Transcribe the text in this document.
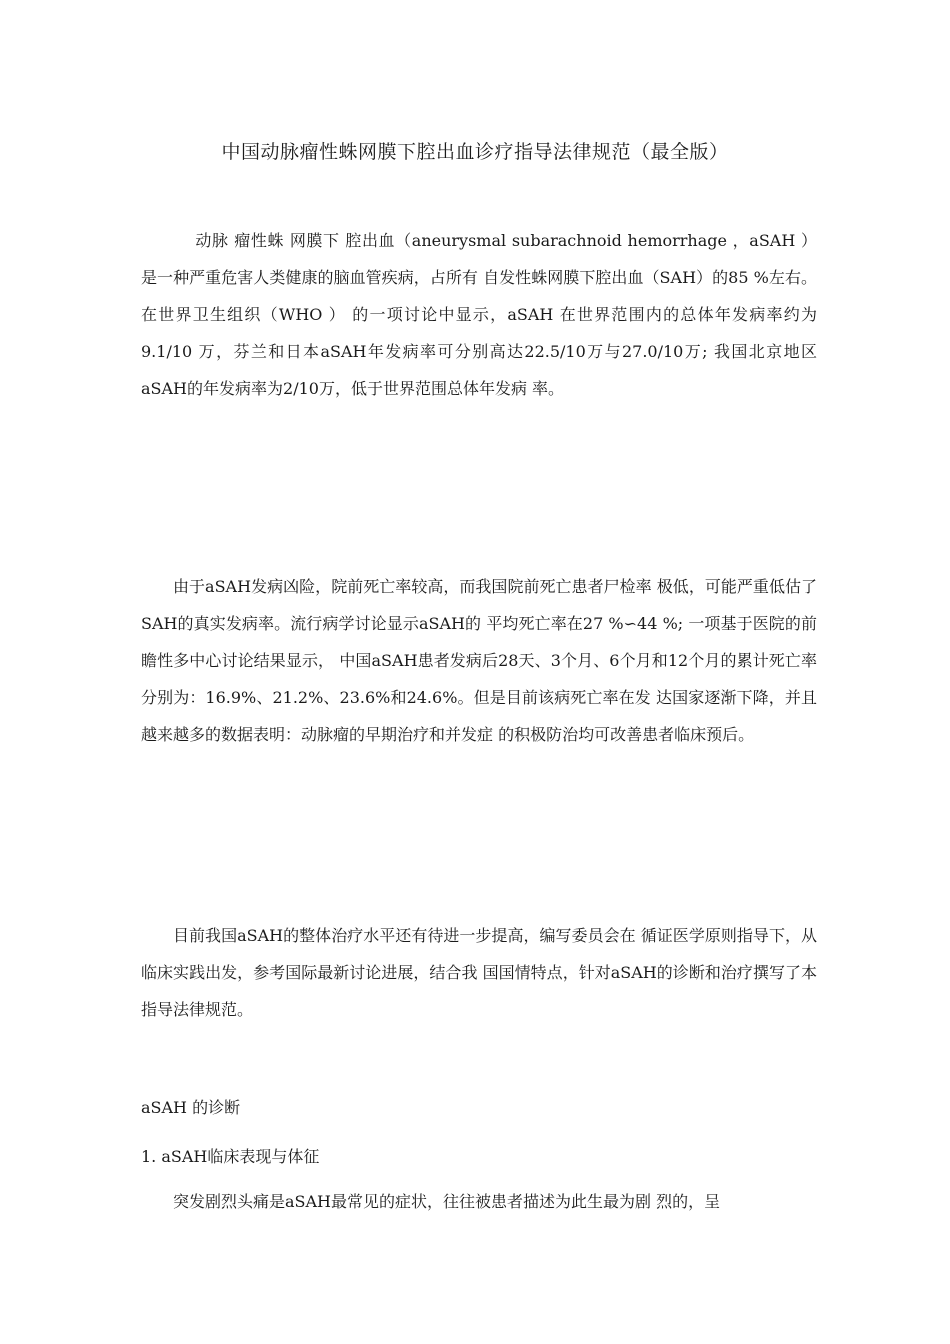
中国动脉瘤性蛛网膜下腔出血诊疗指导法律规范（最全版）

动脉 瘤性蛛 网膜下 腔出血（aneurysmal subarachnoid hemorrhage ，aSAH ）是一种严重危害人类健康的脑血管疾病，占所有 自发性蛛网膜下腔出血（SAH）的85 %左右。在世界卫生组织（WHO ） 的一项讨论中显示，aSAH 在世界范围内的总体年发病率约为9.1/10 万，芬兰和日本aSAH年发病率可分别高达22.5/10万与27.0/10万; 我国北京地区aSAH的年发病率为2/10万，低于世界范围总体年发病 率。

由于aSAH发病凶险，院前死亡率较高，而我国院前死亡患者尸检率 极低，可能严重低估了 SAH的真实发病率。流行病学讨论显示aSAH的 平均死亡率在27 %∽44 %; 一项基于医院的前瞻性多中心讨论结果显示， 中国aSAH患者发病后28天、3个月、6个月和12个月的累计死亡率 分别为：16.9%、21.2%、23.6%和24.6%。但是目前该病死亡率在发 达国家逐渐下降，并且越来越多的数据表明：动脉瘤的早期治疗和并发症 的积极防治均可改善患者临床预后。

目前我国aSAH的整体治疗水平还有待进一步提高，编写委员会在 循证医学原则指导下，从临床实践出发，参考国际最新讨论进展，结合我 国国情特点，针对aSAH的诊断和治疗撰写了本指导法律规范。

aSAH 的诊断
1. aSAH临床表现与体征

突发剧烈头痛是aSAH最常见的症状，往往被患者描述为此生最为剧 烈的，呈
